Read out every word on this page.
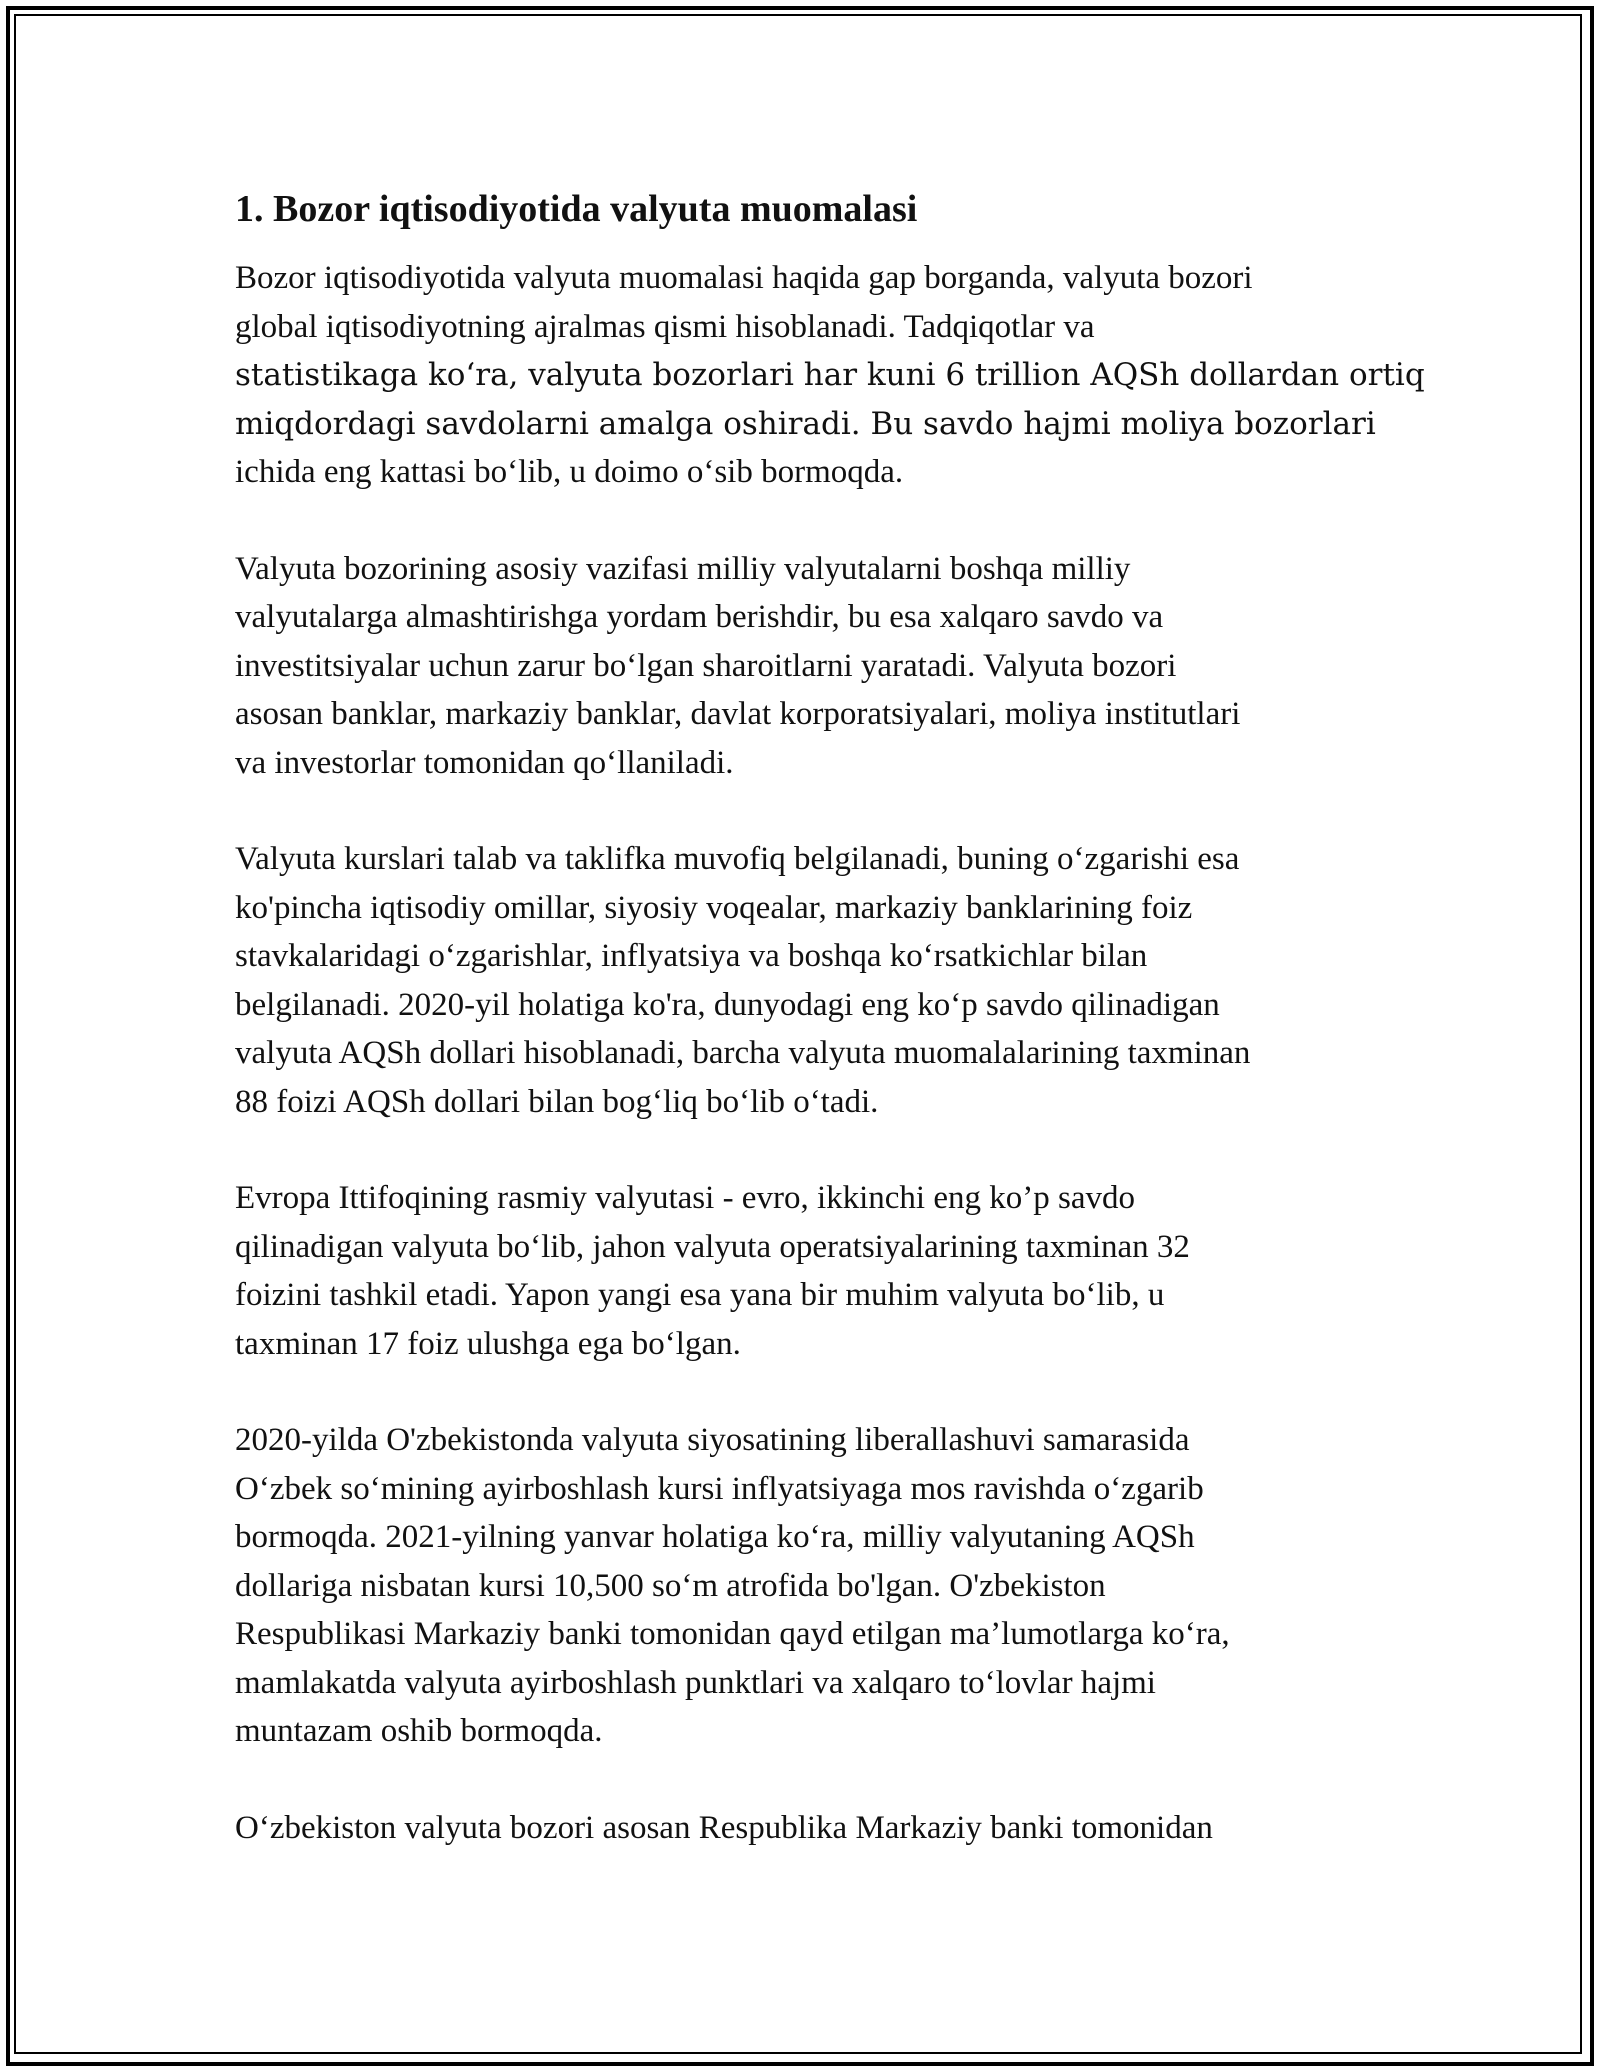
1. Bozor iqtisodiyotida valyuta muomalasi
Bozor iqtisodiyotida valyuta muomalasi haqida gap borganda, valyuta bozori
global iqtisodiyotning ajralmas qismi hisoblanadi. Tadqiqotlar va
statistikaga ko‘ra, valyuta bozorlari har kuni 6 trillion AQSh dollardan ortiq
miqdordagi savdolarni amalga oshiradi. Bu savdo hajmi moliya bozorlari
ichida eng kattasi bo‘lib, u doimo o‘sib bormoqda.
Valyuta bozorining asosiy vazifasi milliy valyutalarni boshqa milliy
valyutalarga almashtirishga yordam berishdir, bu esa xalqaro savdo va
investitsiyalar uchun zarur bo‘lgan sharoitlarni yaratadi. Valyuta bozori
asosan banklar, markaziy banklar, davlat korporatsiyalari, moliya institutlari
va investorlar tomonidan qo‘llaniladi.
Valyuta kurslari talab va taklifka muvofiq belgilanadi, buning o‘zgarishi esa
ko'pincha iqtisodiy omillar, siyosiy voqealar, markaziy banklarining foiz
stavkalaridagi o‘zgarishlar, inflyatsiya va boshqa ko‘rsatkichlar bilan
belgilanadi. 2020-yil holatiga ko'ra, dunyodagi eng ko‘p savdo qilinadigan
valyuta AQSh dollari hisoblanadi, barcha valyuta muomalalarining taxminan
88 foizi AQSh dollari bilan bog‘liq bo‘lib o‘tadi.
Evropa Ittifoqining rasmiy valyutasi - evro, ikkinchi eng ko’p savdo
qilinadigan valyuta bo‘lib, jahon valyuta operatsiyalarining taxminan 32
foizini tashkil etadi. Yapon yangi esa yana bir muhim valyuta bo‘lib, u
taxminan 17 foiz ulushga ega bo‘lgan.
2020-yilda O'zbekistonda valyuta siyosatining liberallashuvi samarasida
O‘zbek so‘mining ayirboshlash kursi inflyatsiyaga mos ravishda o‘zgarib
bormoqda. 2021-yilning yanvar holatiga ko‘ra, milliy valyutaning AQSh
dollariga nisbatan kursi 10,500 so‘m atrofida bo'lgan. O'zbekiston
Respublikasi Markaziy banki tomonidan qayd etilgan ma’lumotlarga ko‘ra,
mamlakatda valyuta ayirboshlash punktlari va xalqaro to‘lovlar hajmi
muntazam oshib bormoqda.
O‘zbekiston valyuta bozori asosan Respublika Markaziy banki tomonidan
